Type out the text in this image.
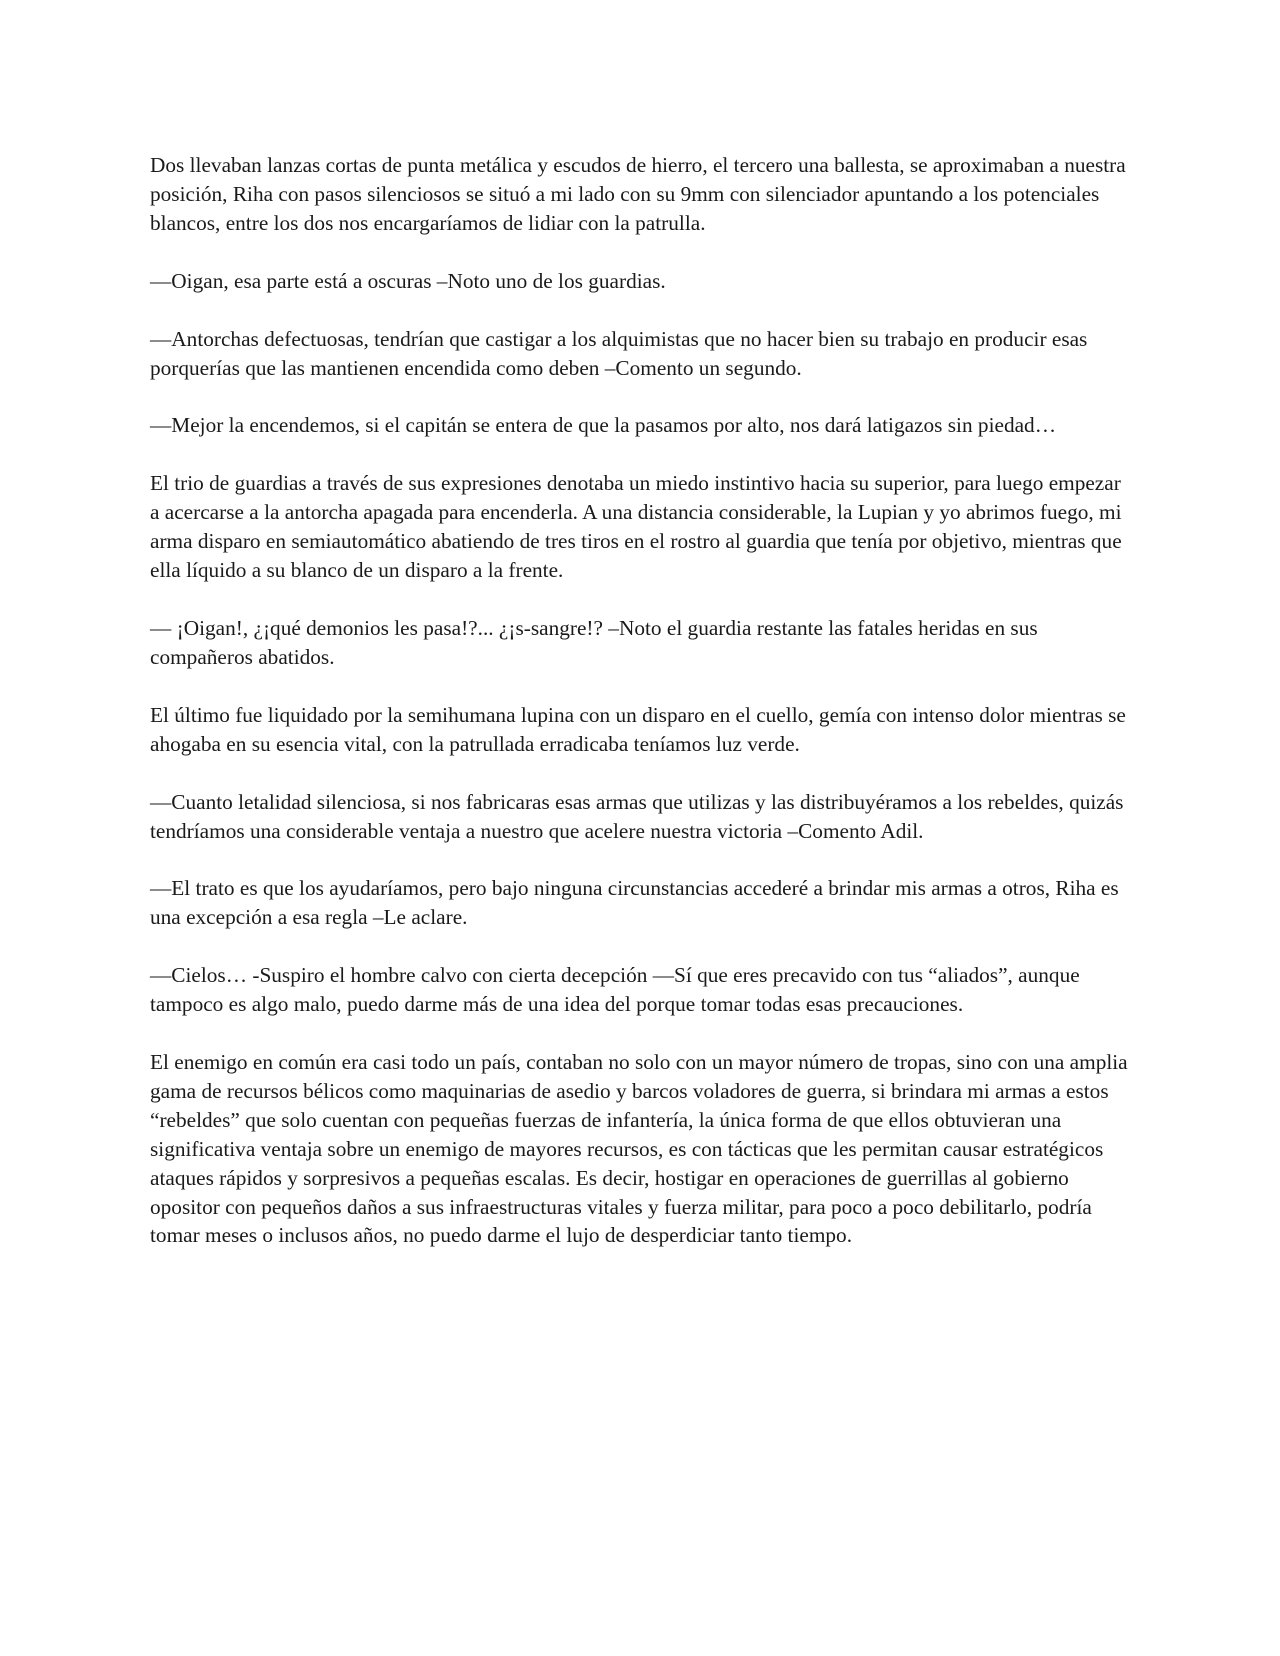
Dos llevaban lanzas cortas de punta metálica y escudos de hierro, el tercero una ballesta, se aproximaban a nuestra posición, Riha con pasos silenciosos se situó a mi lado con su 9mm con silenciador apuntando a los potenciales blancos, entre los dos nos encargaríamos de lidiar con la patrulla.

—Oigan, esa parte está a oscuras –Noto uno de los guardias.

—Antorchas defectuosas, tendrían que castigar a los alquimistas que no hacer bien su trabajo en producir esas porquerías que las mantienen encendida como deben –Comento un segundo.

—Mejor la encendemos, si el capitán se entera de que la pasamos por alto, nos dará latigazos sin piedad…

El trio de guardias a través de sus expresiones denotaba un miedo instintivo hacia su superior, para luego empezar a acercarse a la antorcha apagada para encenderla. A una distancia considerable, la Lupian y yo abrimos fuego, mi arma disparo en semiautomático abatiendo de tres tiros en el rostro al guardia que tenía por objetivo, mientras que ella líquido a su blanco de un disparo a la frente.

— ¡Oigan!, ¿¡qué demonios les pasa!?... ¿¡s-sangre!? –Noto el guardia restante las fatales heridas en sus compañeros abatidos.

El último fue liquidado por la semihumana lupina con un disparo en el cuello, gemía con intenso dolor mientras se ahogaba en su esencia vital, con la patrullada erradicaba teníamos luz verde.

—Cuanto letalidad silenciosa, si nos fabricaras esas armas que utilizas y las distribuyéramos a los rebeldes, quizás tendríamos una considerable ventaja a nuestro que acelere nuestra victoria –Comento Adil.

—El trato es que los ayudaríamos, pero bajo ninguna circunstancias accederé a brindar mis armas a otros, Riha es una excepción a esa regla –Le aclare.

—Cielos… -Suspiro el hombre calvo con cierta decepción —Sí que eres precavido con tus “aliados”, aunque tampoco es algo malo, puedo darme más de una idea del porque tomar todas esas precauciones.

El enemigo en común era casi todo un país, contaban no solo con un mayor número de tropas, sino con una amplia gama de recursos bélicos como maquinarias de asedio y barcos voladores de guerra, si brindara mi armas a estos “rebeldes” que solo cuentan con pequeñas fuerzas de infantería, la única forma de que ellos obtuvieran una significativa ventaja sobre un enemigo de mayores recursos, es con tácticas que les permitan causar estratégicos ataques rápidos y sorpresivos a pequeñas escalas. Es decir, hostigar en operaciones de guerrillas al gobierno opositor con pequeños daños a sus infraestructuras vitales y fuerza militar, para poco a poco debilitarlo, podría tomar meses o inclusos años, no puedo darme el lujo de desperdiciar tanto tiempo.
